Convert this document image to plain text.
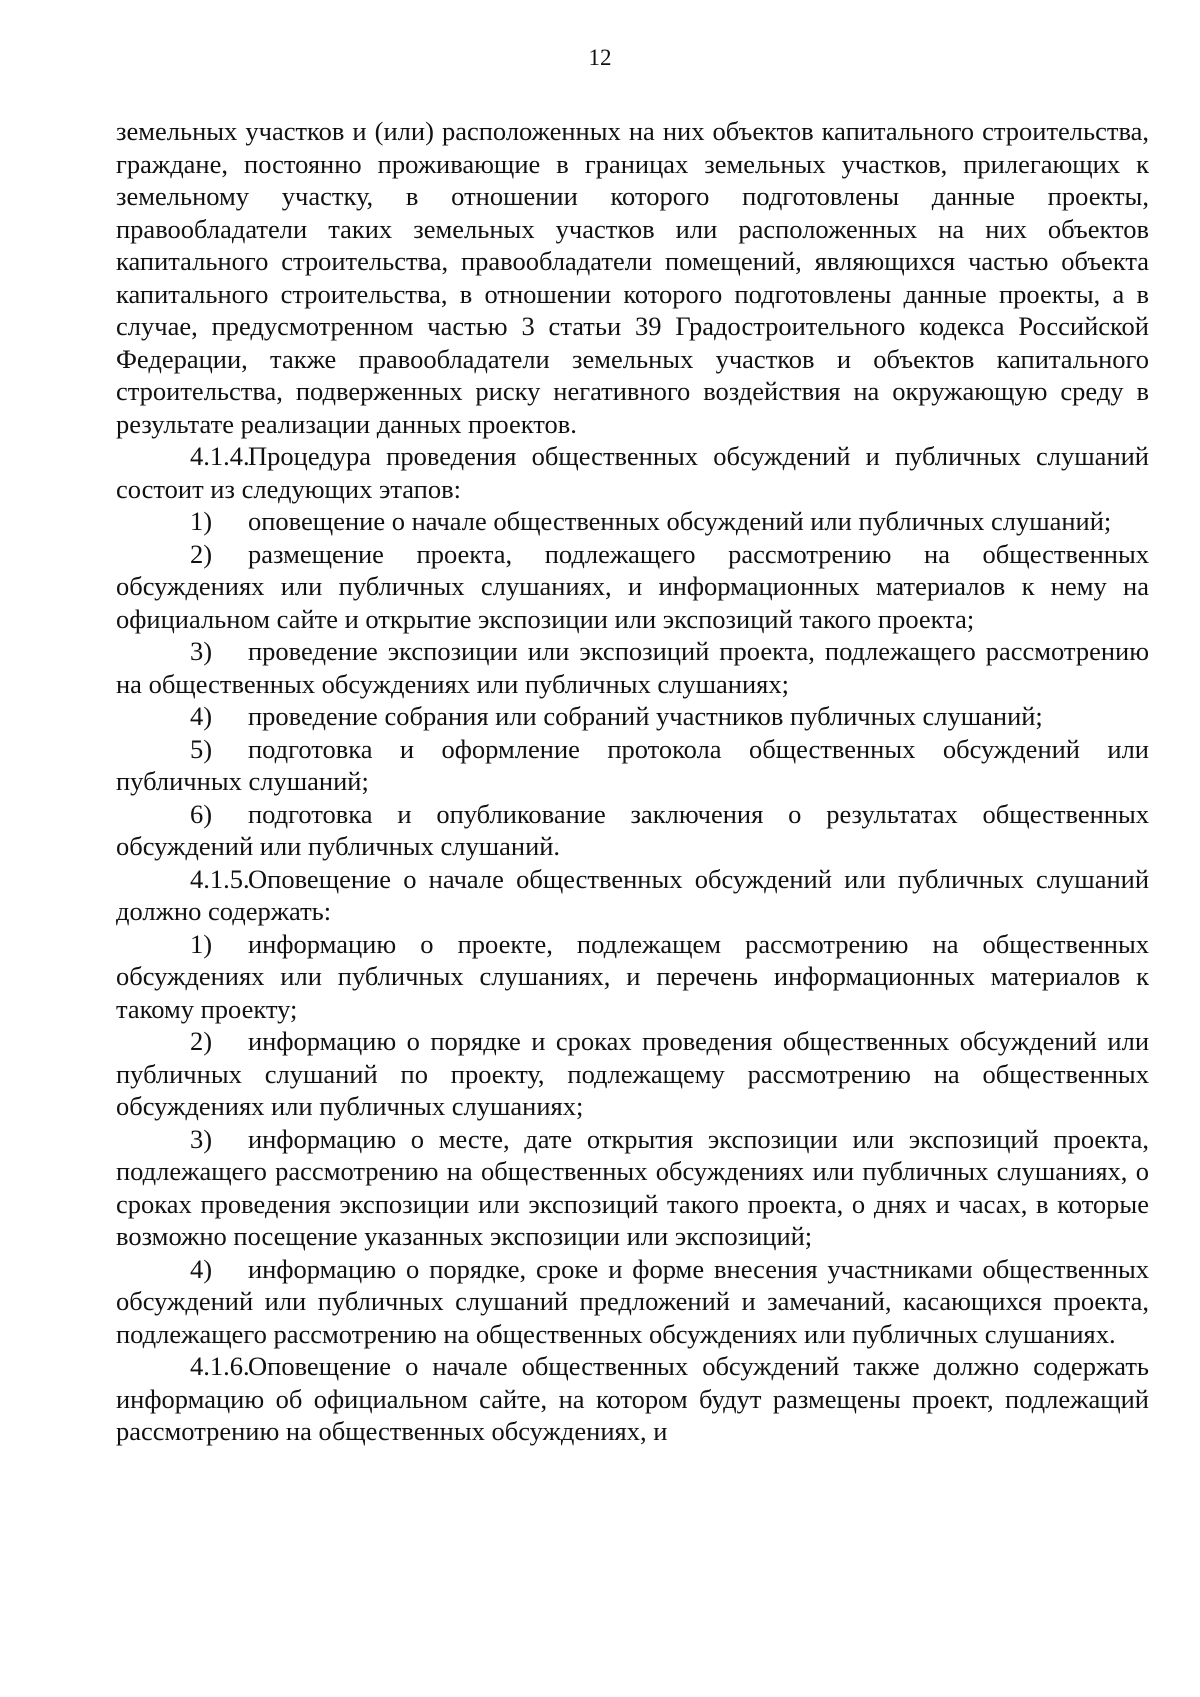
12

земельных участков и (или) расположенных на них объектов капитального строительства, граждане, постоянно проживающие в границах земельных участков, прилегающих к земельному участку, в отношении которого подготовлены данные проекты, правообладатели таких земельных участков или расположенных на них объектов капитального строительства, правообладатели помещений, являющихся частью объекта капитального строительства, в отношении которого подготовлены данные проекты, а в случае, предусмотренном частью 3 статьи 39 Градостроительного кодекса Российской Федерации, также правообладатели земельных участков и объектов капитального строительства, подверженных риску негативного воздействия на окружающую среду в результате реализации данных проектов.

4.1.4.Процедура проведения общественных обсуждений и публичных слушаний состоит из следующих этапов:

1) оповещение о начале общественных обсуждений или публичных слушаний;

2) размещение проекта, подлежащего рассмотрению на общественных обсуждениях или публичных слушаниях, и информационных материалов к нему на официальном сайте и открытие экспозиции или экспозиций такого проекта;

3) проведение экспозиции или экспозиций проекта, подлежащего рассмотрению на общественных обсуждениях или публичных слушаниях;

4) проведение собрания или собраний участников публичных слушаний;

5) подготовка и оформление протокола общественных обсуждений или публичных слушаний;

6) подготовка и опубликование заключения о результатах общественных обсуждений или публичных слушаний.

4.1.5.Оповещение о начале общественных обсуждений или публичных слушаний должно содержать:

1) информацию о проекте, подлежащем рассмотрению на общественных обсуждениях или публичных слушаниях, и перечень информационных материалов к такому проекту;

2) информацию о порядке и сроках проведения общественных обсуждений или публичных слушаний по проекту, подлежащему рассмотрению на общественных обсуждениях или публичных слушаниях;

3) информацию о месте, дате открытия экспозиции или экспозиций проекта, подлежащего рассмотрению на общественных обсуждениях или публичных слушаниях, о сроках проведения экспозиции или экспозиций такого проекта, о днях и часах, в которые возможно посещение указанных экспозиции или экспозиций;

4) информацию о порядке, сроке и форме внесения участниками общественных обсуждений или публичных слушаний предложений и замечаний, касающихся проекта, подлежащего рассмотрению на общественных обсуждениях или публичных слушаниях.

4.1.6.Оповещение о начале общественных обсуждений также должно содержать информацию об официальном сайте, на котором будут размещены проект, подлежащий рассмотрению на общественных обсуждениях, и
